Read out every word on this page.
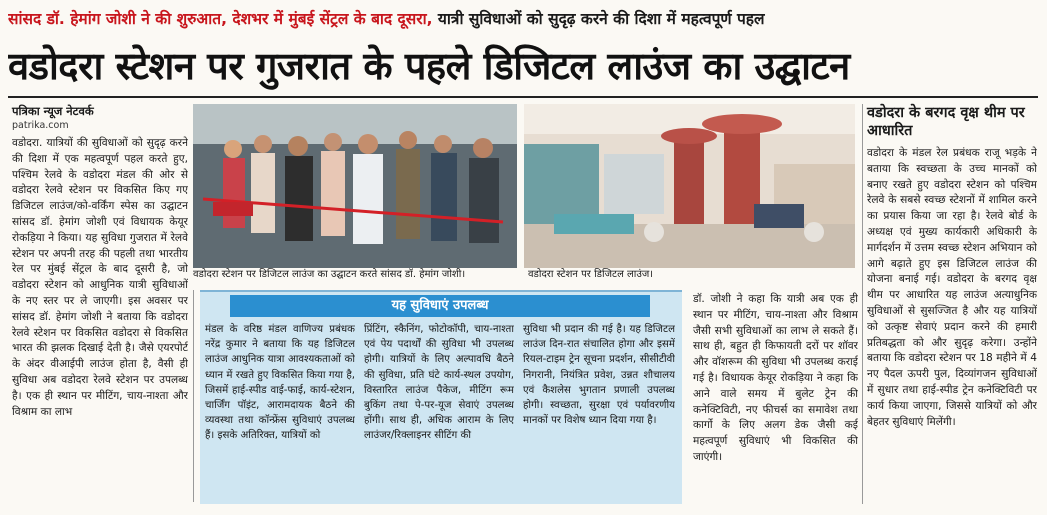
सांसद डॉ. हेमांग जोशी ने की शुरुआत, देशभर में मुंबई सेंट्रल के बाद दूसरा, यात्री सुविधाओं को सुदृढ़ करने की दिशा में महत्वपूर्ण पहल
वडोदरा स्टेशन पर गुजरात के पहले डिजिटल लाउंज का उद्घाटन
पत्रिका न्यूज नेटवर्क
patrika.com
वडोदरा. यात्रियों की सुविधाओं को सुदृढ़ करने की दिशा में एक महत्वपूर्ण पहल करते हुए, पश्चिम रेलवे के वडोदरा मंडल की ओर से वडोदरा रेलवे स्टेशन पर विकसित किए गए डिजिटल लाउंज/को-वर्किंग स्पेस का उद्घाटन सांसद डॉ. हेमांग जोशी एवं विधायक केयूर रोकड़िया ने किया। यह सुविधा गुजरात में रेलवे स्टेशन पर अपनी तरह की पहली तथा भारतीय रेल पर मुंबई सेंट्रल के बाद दूसरी है, जो वडोदरा स्टेशन को आधुनिक यात्री सुविधाओं के नए स्तर पर ले जाएगी। इस अवसर पर सांसद डॉ. हेमांग जोशी ने बताया कि वडोदरा रेलवे स्टेशन पर विकसित वडोदरा से विकसित भारत की झलक दिखाई देती है। जैसे एयरपोर्ट के अंदर वीआईपी लाउंज होता है, वैसी ही सुविधा अब वडोदरा रेलवे स्टेशन पर उपलब्ध है। एक ही स्थान पर मीटिंग, चाय-नाश्ता और विश्राम का लाभ
वडोदरा स्टेशन पर डिजिटल लाउंज का उद्घाटन करते सांसद डॉ. हेमांग जोशी।	वडोदरा स्टेशन पर डिजिटल लाउंज।
यह सुविधाएं उपलब्ध
मंडल के वरिष्ठ मंडल वाणिज्य प्रबंधक नरेंद्र कुमार ने बताया कि यह डिजिटल लाउंज आधुनिक यात्रा आवश्यकताओं को ध्यान में रखते हुए विकसित किया गया है, जिसमें हाई-स्पीड वाई-फाई, कार्य-स्टेशन, चार्जिंग पॉइंट, आरामदायक बैठने की व्यवस्था तथा कॉन्फ्रेंस सुविधाएं उपलब्ध हैं। इसके अतिरिक्त, यात्रियों को
प्रिंटिंग, स्कैनिंग, फोटोकॉपी, चाय-नाश्ता एवं पेय पदार्थों की सुविधा भी उपलब्ध होगी। यात्रियों के लिए अल्पावधि बैठने की सुविधा, प्रति घंटे कार्य-स्थल उपयोग, विस्तारित लाउंज पैकेज, मीटिंग रूम बुकिंग तथा पे-पर-यूज सेवाएं उपलब्ध होंगी। साथ ही, अधिक आराम के लिए लाउंजर/रिक्लाइनर सीटिंग की
सुविधा भी प्रदान की गई है। यह डिजिटल लाउंज दिन-रात संचालित होगा और इसमें रियल-टाइम ट्रेन सूचना प्रदर्शन, सीसीटीवी निगरानी, नियंत्रित प्रवेश, उन्नत शौचालय एवं कैशलेस भुगतान प्रणाली उपलब्ध होगी। स्वच्छता, सुरक्षा एवं पर्यावरणीय मानकों पर विशेष ध्यान दिया गया है।
डॉ. जोशी ने कहा कि यात्री अब एक ही स्थान पर मीटिंग, चाय-नाश्ता और विश्राम जैसी सभी सुविधाओं का लाभ ले सकते हैं। साथ ही, बहुत ही किफायती दरों पर शॉवर और वॉशरूम की सुविधा भी उपलब्ध कराई गई है। विधायक केयूर रोकड़िया ने कहा कि आने वाले समय में बुलेट ट्रेन की कनेक्टिविटी, नए फीचर्स का समावेश तथा कार्गो के लिए अलग डेक जैसी कई महत्वपूर्ण सुविधाएं भी विकसित की जाएंगी।
वडोदरा के बरगद वृक्ष थीम पर आधारित
वडोदरा के मंडल रेल प्रबंधक राजू भड़के ने बताया कि स्वच्छता के उच्च मानकों को बनाए रखते हुए वडोदरा स्टेशन को पश्चिम रेलवे के सबसे स्वच्छ स्टेशनों में शामिल करने का प्रयास किया जा रहा है। रेलवे बोर्ड के अध्यक्ष एवं मुख्य कार्यकारी अधिकारी के मार्गदर्शन में उत्तम स्वच्छ स्टेशन अभियान को आगे बढ़ाते हुए इस डिजिटल लाउंज की योजना बनाई गई। वडोदरा के बरगद वृक्ष थीम पर आधारित यह लाउंज अत्याधुनिक सुविधाओं से सुसज्जित है और यह यात्रियों को उत्कृष्ट सेवाएं प्रदान करने की हमारी प्रतिबद्धता को और सुदृढ़ करेगा। उन्होंने बताया कि वडोदरा स्टेशन पर 18 महीने में 4 नए पैदल ऊपरी पुल, दिव्यांगजन सुविधाओं में सुधार तथा हाई-स्पीड ट्रेन कनेक्टिविटी पर कार्य किया जाएगा, जिससे यात्रियों को और बेहतर सुविधाएं मिलेंगी।
